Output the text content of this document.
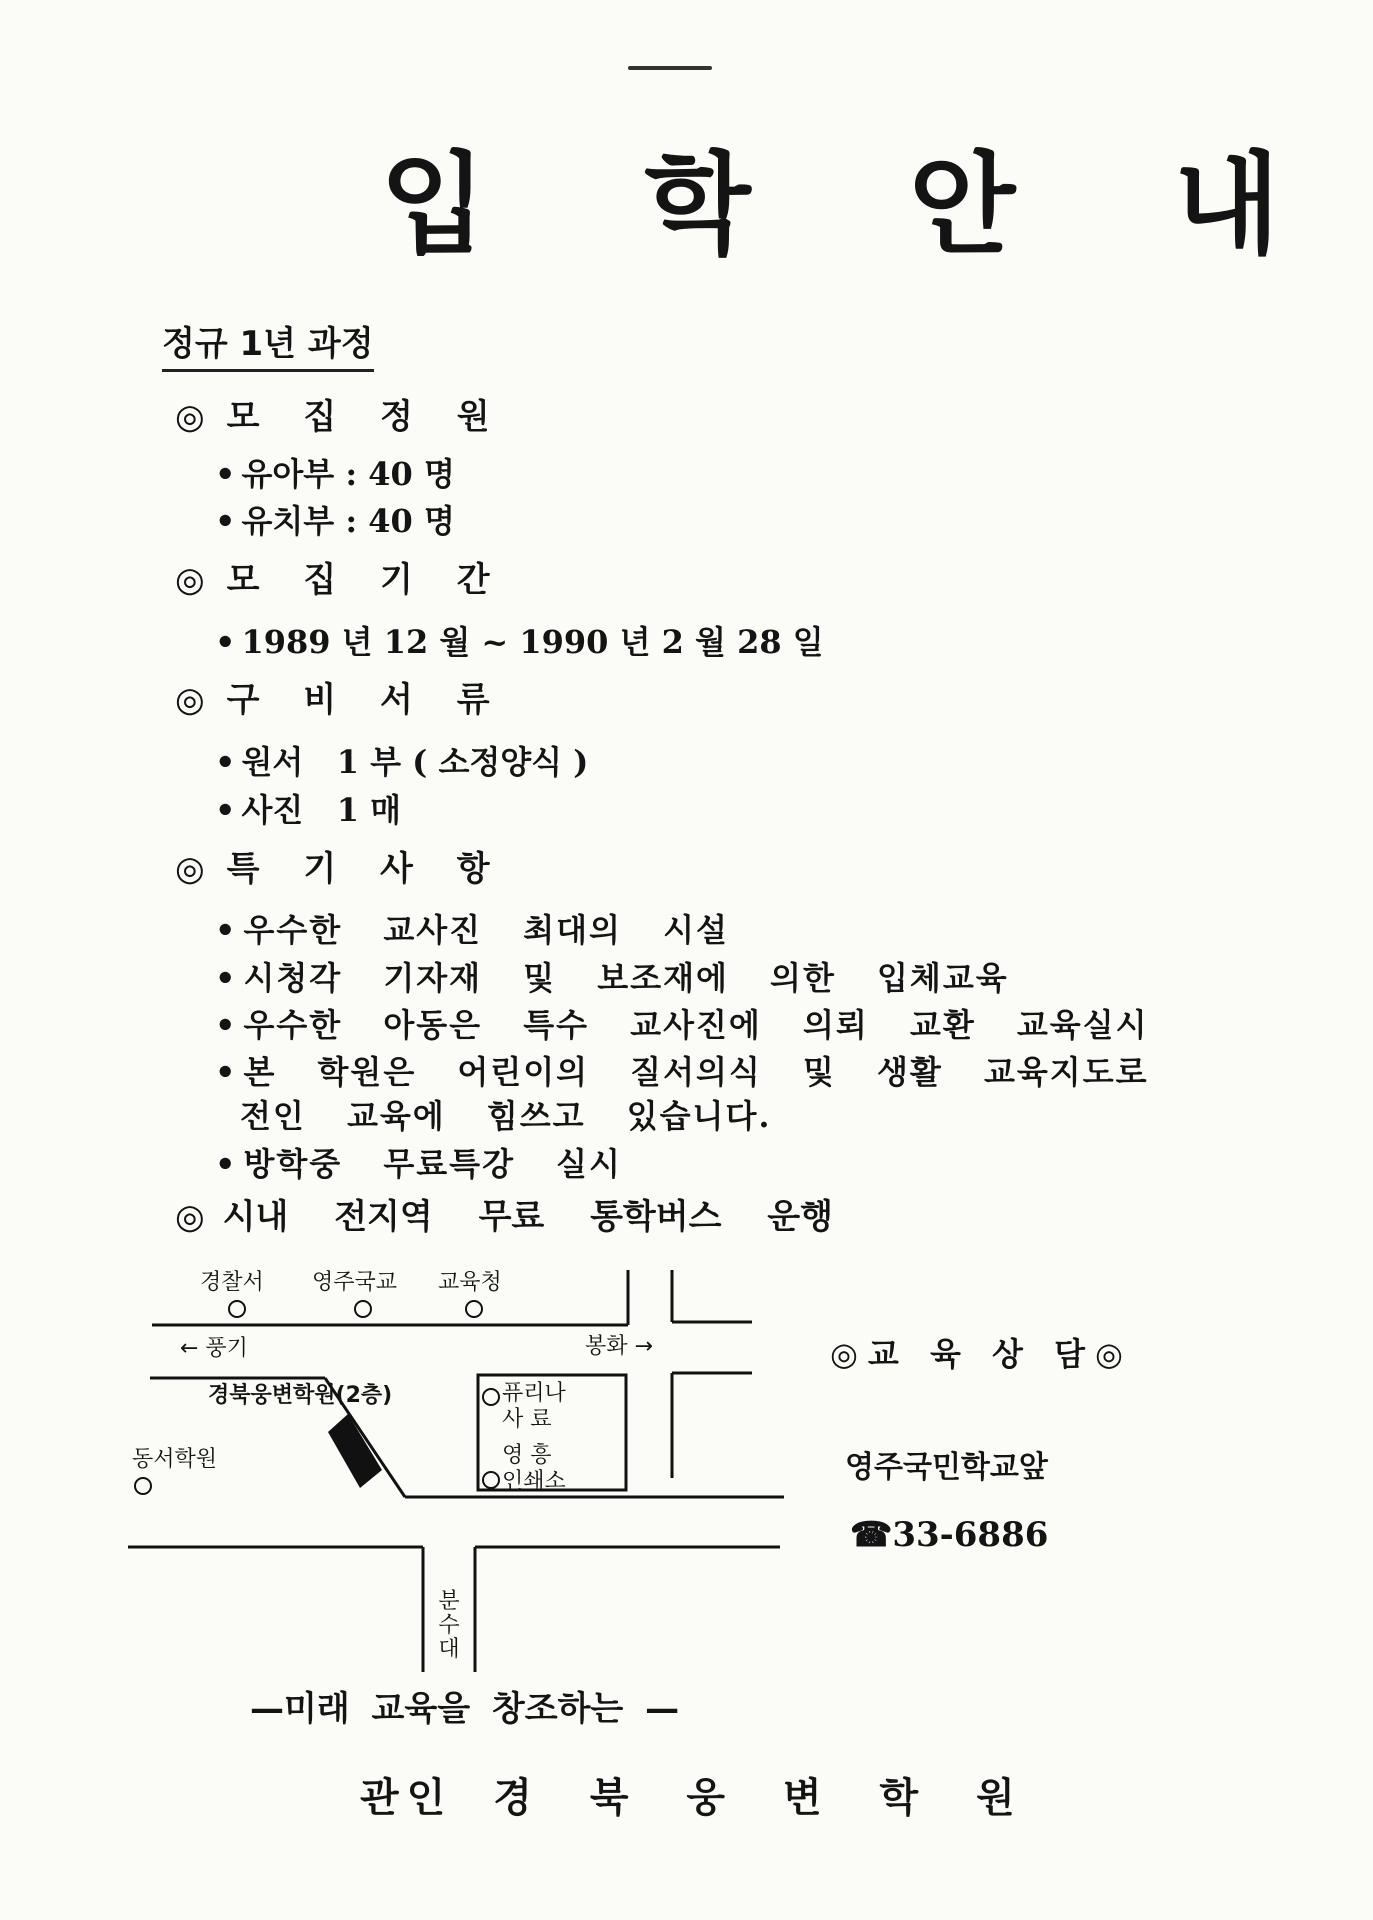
입 학 안 내
정규 1년 과정
◎ 모 집 정 원
• 유아부 : 40 명
• 유치부 : 40 명
◎ 모 집 기 간
• 1989 년 12 월 ~ 1990 년 2 월 28 일
◎ 구 비 서 류
• 원서   1 부 ( 소정양식 )
• 사진   1 매
◎ 특 기 사 항
• 우수한 교사진 최대의 시설
• 시청각 기자재 및 보조재에 의한 입체교육
• 우수한 아동은 특수 교사진에 의뢰 교환 교육실시
• 본 학원은 어린이의 질서의식 및 생활 교육지도로
전인 교육에 힘쓰고 있습니다.
• 방학중 무료특강 실시
◎ 시내 전지역 무료 통학버스 운행
경찰서 영주국교 교육청
← 풍기	봉화 →
경북웅변학원(2층)
동서학원
퓨리나
사 료
영 흥
인쇄소
분수대
◎교 육 상 담◎
영주국민학교앞
☎33-6886
—미래 교육을 창조하는 —
관인 경 북 웅 변 학 원
